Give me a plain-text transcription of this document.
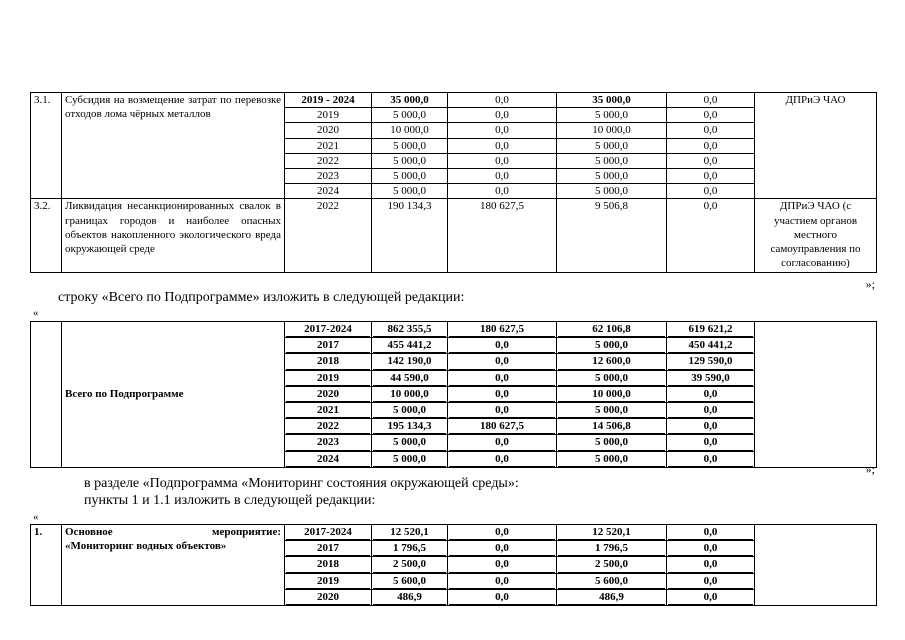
3.1.	Субсидия на возмещение затрат по перевозке отходов лома чёрных металлов	2019 - 2024	35 000,0	0,0	35 000,0	0,0	ДПРиЭ ЧАО
		2019	5 000,0	0,0	5 000,0	0,0	
		2020	10 000,0	0,0	10 000,0	0,0	
		2021	5 000,0	0,0	5 000,0	0,0	
		2022	5 000,0	0,0	5 000,0	0,0	
		2023	5 000,0	0,0	5 000,0	0,0	
		2024	5 000,0	0,0	5 000,0	0,0	
3.2.	Ликвидация несанкционированных свалок в границах городов и наиболее опасных объектов накопленного экологического вреда окружающей среде	2022	190 134,3	180 627,5	9 506,8	0,0	ДПРиЭ ЧАО (с участием органов местного самоуправления по согласованию)
»;
строку «Всего по Подпрограмме» изложить в следующей редакции:
«
	Всего по Подпрограмме	2017-2024	862 355,5	180 627,5	62 106,8	619 621,2	

		2017	455 441,2	0,0	5 000,0	450 441,2	

		2018	142 190,0	0,0	12 600,0	129 590,0	

		2019	44 590,0	0,0	5 000,0	39 590,0	

		2020	10 000,0	0,0	10 000,0	0,0	

		2021	5 000,0	0,0	5 000,0	0,0	

		2022	195 134,3	180 627,5	14 506,8	0,0	

		2023	5 000,0	0,0	5 000,0	0,0	

		2024	5 000,0	0,0	5 000,0	0,0	
»;
в разделе «Подпрограмма «Мониторинг состояния окружающей среды»:
пункты 1 и 1.1 изложить в следующей редакции:
«
1.	Основное мероприятие:
«Мониторинг водных объектов»	2017-2024	12 520,1	0,0	12 520,1	0,0	

		2017	1 796,5	0,0	1 796,5	0,0	

		2018	2 500,0	0,0	2 500,0	0,0	

		2019	5 600,0	0,0	5 600,0	0,0	

		2020	486,9	0,0	486,9	0,0	
